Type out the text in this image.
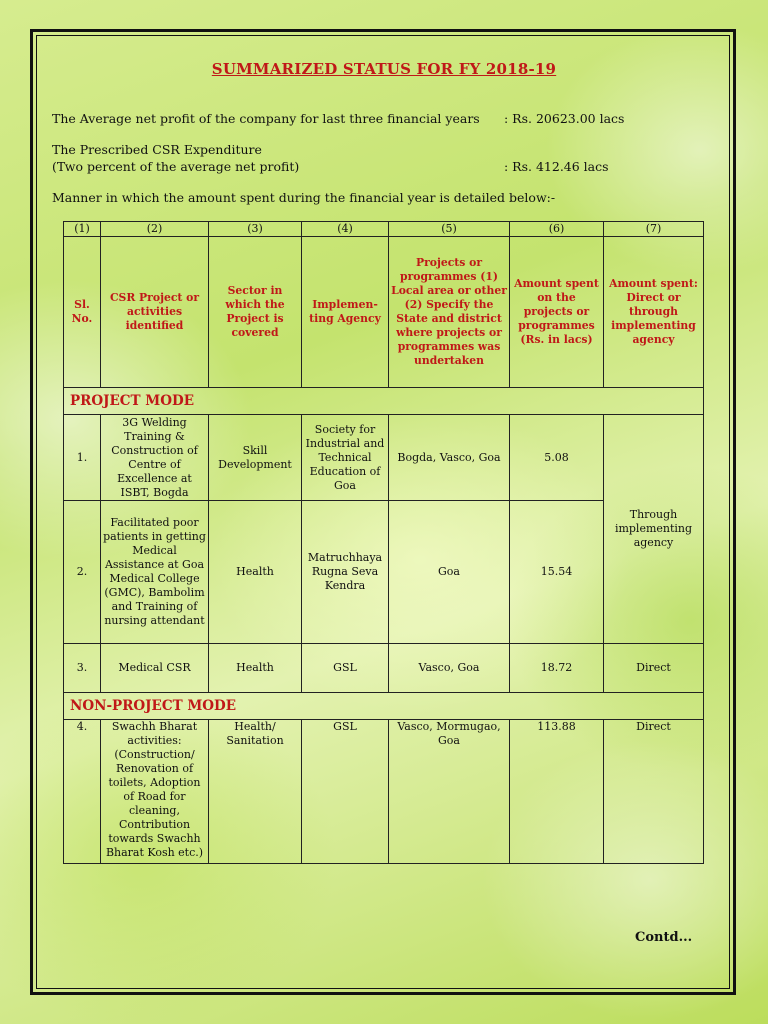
SUMMARIZED STATUS FOR FY 2018-19
The Average net profit of the company for last three financial years : Rs. 20623.00 lacs
The Prescribed CSR Expenditure
(Two percent of the average net profit)	: Rs. 412.46 lacs
Manner in which the amount spent during the financial year is detailed below:-
(1)	(2)	(3)	(4)	(5)	(6)	(7)
Sl. No.	CSR Project or activities identified	Sector in which the Project is covered	Implemen-ting Agency	Projects or programmes (1) Local area or other (2) Specify the State and district where projects or programmes was undertaken	Amount spent on the projects or programmes (Rs. in lacs)	Amount spent: Direct or through implementing agency
PROJECT MODE						
1.	3G Welding Training & Construction of Centre of Excellence at ISBT, Bogda	Skill Development	Society for Industrial and Technical Education of Goa	Bogda, Vasco, Goa	5.08	Through implementing agency
2.	Facilitated poor patients in getting Medical Assistance at Goa Medical College (GMC), Bambolim and Training of nursing attendant	Health	Matruchhaya Rugna Seva Kendra	Goa	15.54	
3.	Medical CSR	Health	GSL	Vasco, Goa	18.72	Direct
NON-PROJECT MODE						
4.	Swachh Bharat activities: (Construction/ Renovation of toilets, Adoption of Road for cleaning, Contribution towards Swachh Bharat Kosh etc.)	Health/ Sanitation	GSL	Vasco, Mormugao, Goa	113.88	Direct
Contd...
